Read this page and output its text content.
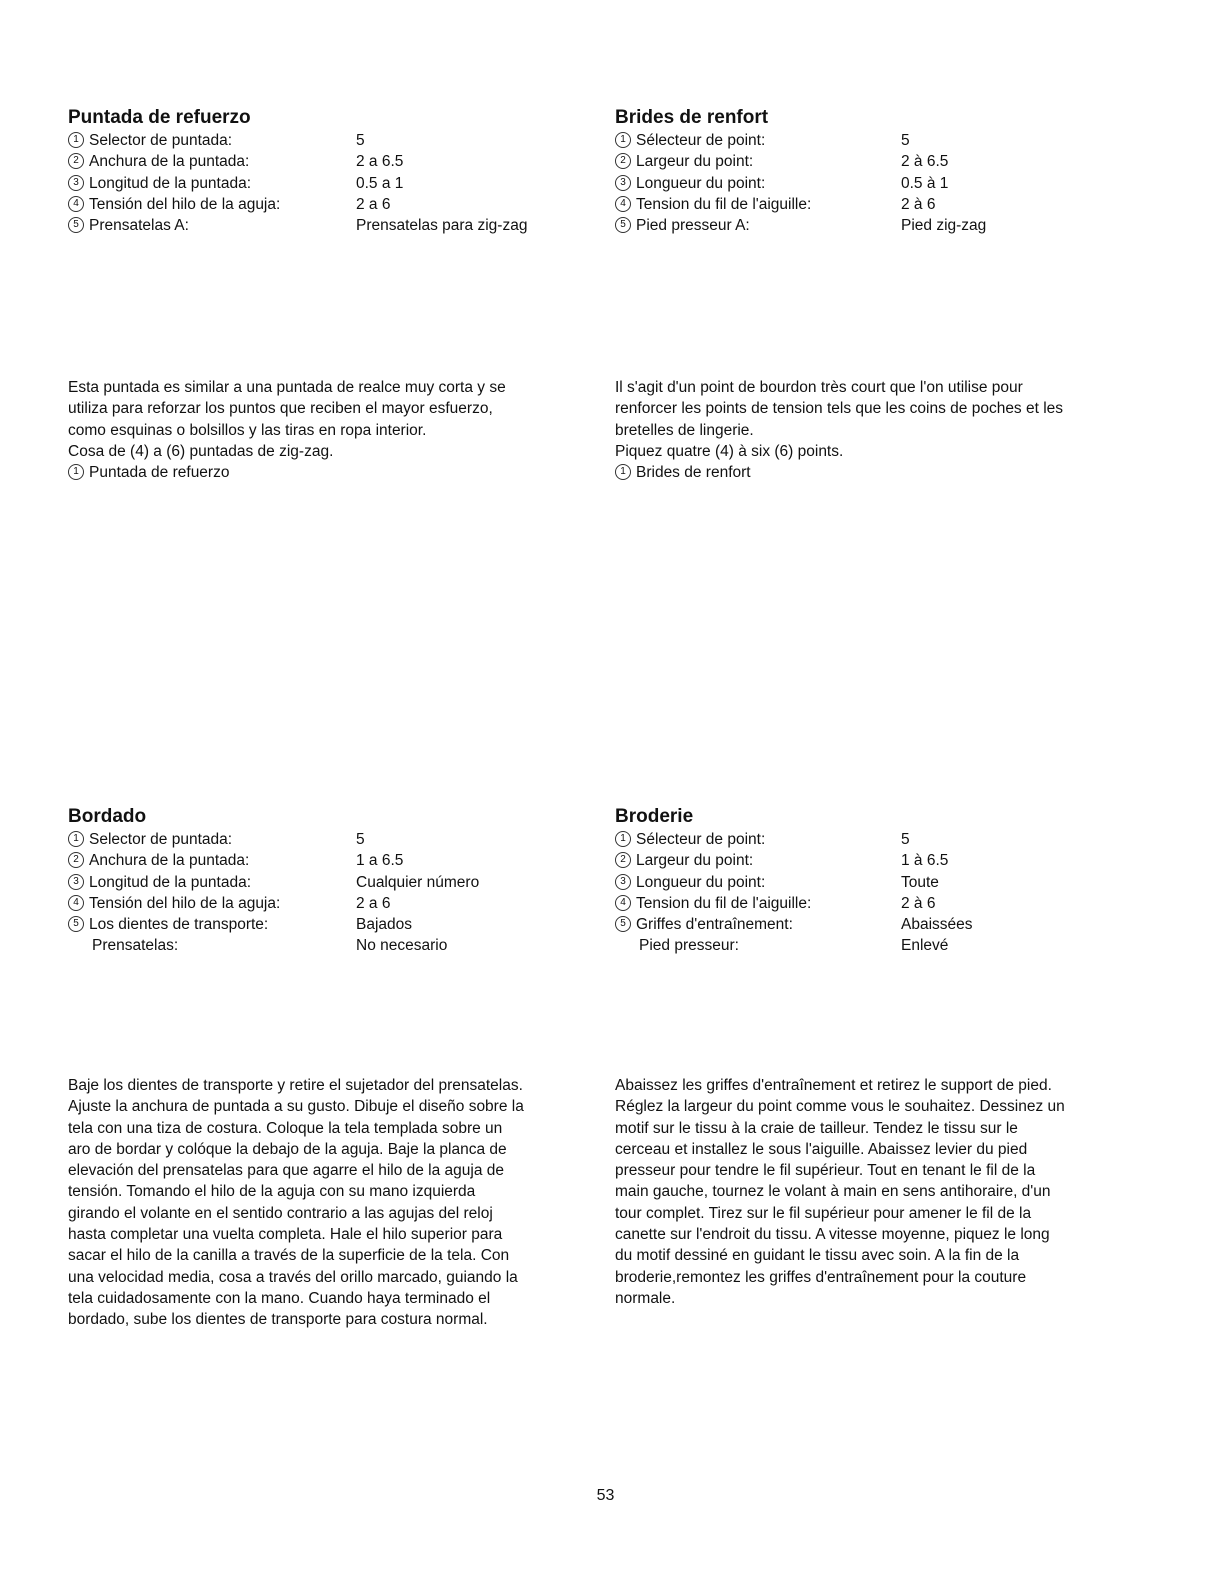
Puntada de refuerzo
1 Selector de puntada:	5
2 Anchura de la puntada:	2 a 6.5
3 Longitud de la puntada:	0.5 a 1
4 Tensión del hilo de la aguja:	2 a 6
5 Prensatelas A:	Prensatelas para zig-zag
Brides de renfort
1 Sélecteur de point:	5
2 Largeur du point:	2 à 6.5
3 Longueur du point:	0.5 à 1
4 Tension du fil de l'aiguille:	2 à 6
5 Pied presseur A:	Pied zig-zag
Esta puntada es similar a una puntada de realce muy corta y se
utiliza para reforzar los puntos que reciben el mayor esfuerzo,
como esquinas o bolsillos y las tiras en ropa interior.
Cosa de (4) a (6) puntadas de zig-zag.
1 Puntada de refuerzo
Il s'agit d'un point de bourdon très court que l'on utilise pour
renforcer les points de tension tels que les coins de poches et les
bretelles de lingerie.
Piquez quatre (4) à six (6) points.
1 Brides de renfort
Bordado
1 Selector de puntada:	5
2 Anchura de la puntada:	1 a 6.5
3 Longitud de la puntada:	Cualquier número
4 Tensión del hilo de la aguja:	2 a 6
5 Los dientes de transporte:	Bajados
Prensatelas:	No necesario
Broderie
1 Sélecteur de point:	5
2 Largeur du point:	1 à 6.5
3 Longueur du point:	Toute
4 Tension du fil de l'aiguille:	2 à 6
5 Griffes d'entraînement:	Abaissées
Pied presseur:	Enlevé
Baje los dientes de transporte y retire el sujetador del prensatelas.
Ajuste la anchura de puntada a su gusto. Dibuje el diseño sobre la
tela con una tiza de costura. Coloque la tela templada sobre un
aro de bordar y colóque la debajo de la aguja. Baje la planca de
elevación del prensatelas para que agarre el hilo de la aguja de
tensión. Tomando el hilo de la aguja con su mano izquierda
girando el volante en el sentido contrario a las agujas del reloj
hasta completar una vuelta completa. Hale el hilo superior para
sacar el hilo de la canilla a través de la superficie de la tela. Con
una velocidad media, cosa a través del orillo marcado, guiando la
tela cuidadosamente con la mano. Cuando haya terminado el
bordado, sube los dientes de transporte para costura normal.
Abaissez les griffes d'entraînement et retirez le support de pied.
Réglez la largeur du point comme vous le souhaitez. Dessinez un
motif sur le tissu à la craie de tailleur. Tendez le tissu sur le
cerceau et installez le sous l'aiguille. Abaissez levier du pied
presseur pour tendre le fil supérieur. Tout en tenant le fil de la
main gauche, tournez le volant à main en sens antihoraire, d'un
tour complet. Tirez sur le fil supérieur pour amener le fil de la
canette sur l'endroit du tissu. A vitesse moyenne, piquez le long
du motif dessiné en guidant le tissu avec soin. A la fin de la
broderie,remontez les griffes d'entraînement pour la couture
normale.
53
